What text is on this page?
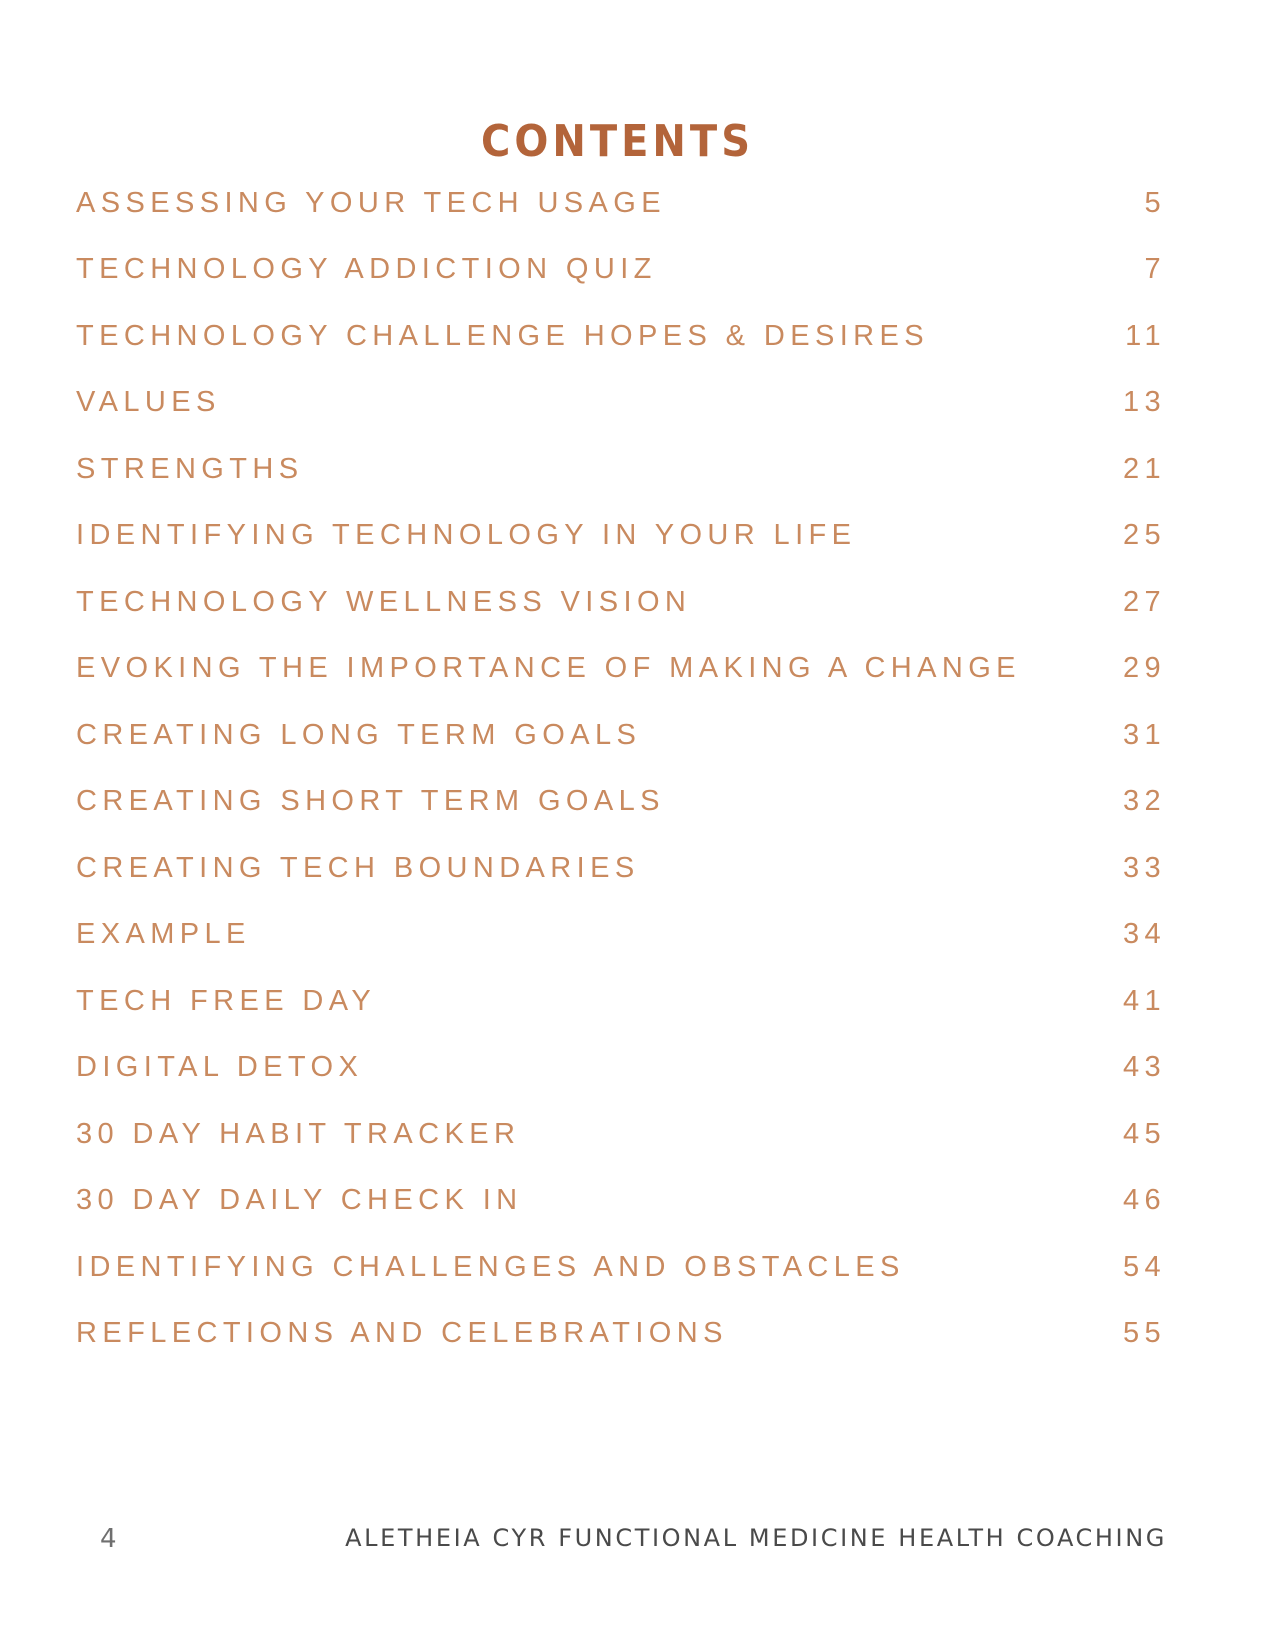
CONTENTS
ASSESSING YOUR TECH USAGE	5
TECHNOLOGY ADDICTION QUIZ	7
TECHNOLOGY CHALLENGE HOPES & DESIRES	11
VALUES	13
STRENGTHS	21
IDENTIFYING TECHNOLOGY IN YOUR LIFE	25
TECHNOLOGY WELLNESS VISION	27
EVOKING THE IMPORTANCE OF MAKING A CHANGE	29
CREATING LONG TERM GOALS	31
CREATING SHORT TERM GOALS	32
CREATING TECH BOUNDARIES	33
EXAMPLE	34
TECH FREE DAY	41
DIGITAL DETOX	43
30 DAY HABIT TRACKER	45
30 DAY DAILY CHECK IN	46
IDENTIFYING CHALLENGES AND OBSTACLES	54
REFLECTIONS AND CELEBRATIONS	55
4	ALETHEIA CYR FUNCTIONAL MEDICINE HEALTH COACHING
